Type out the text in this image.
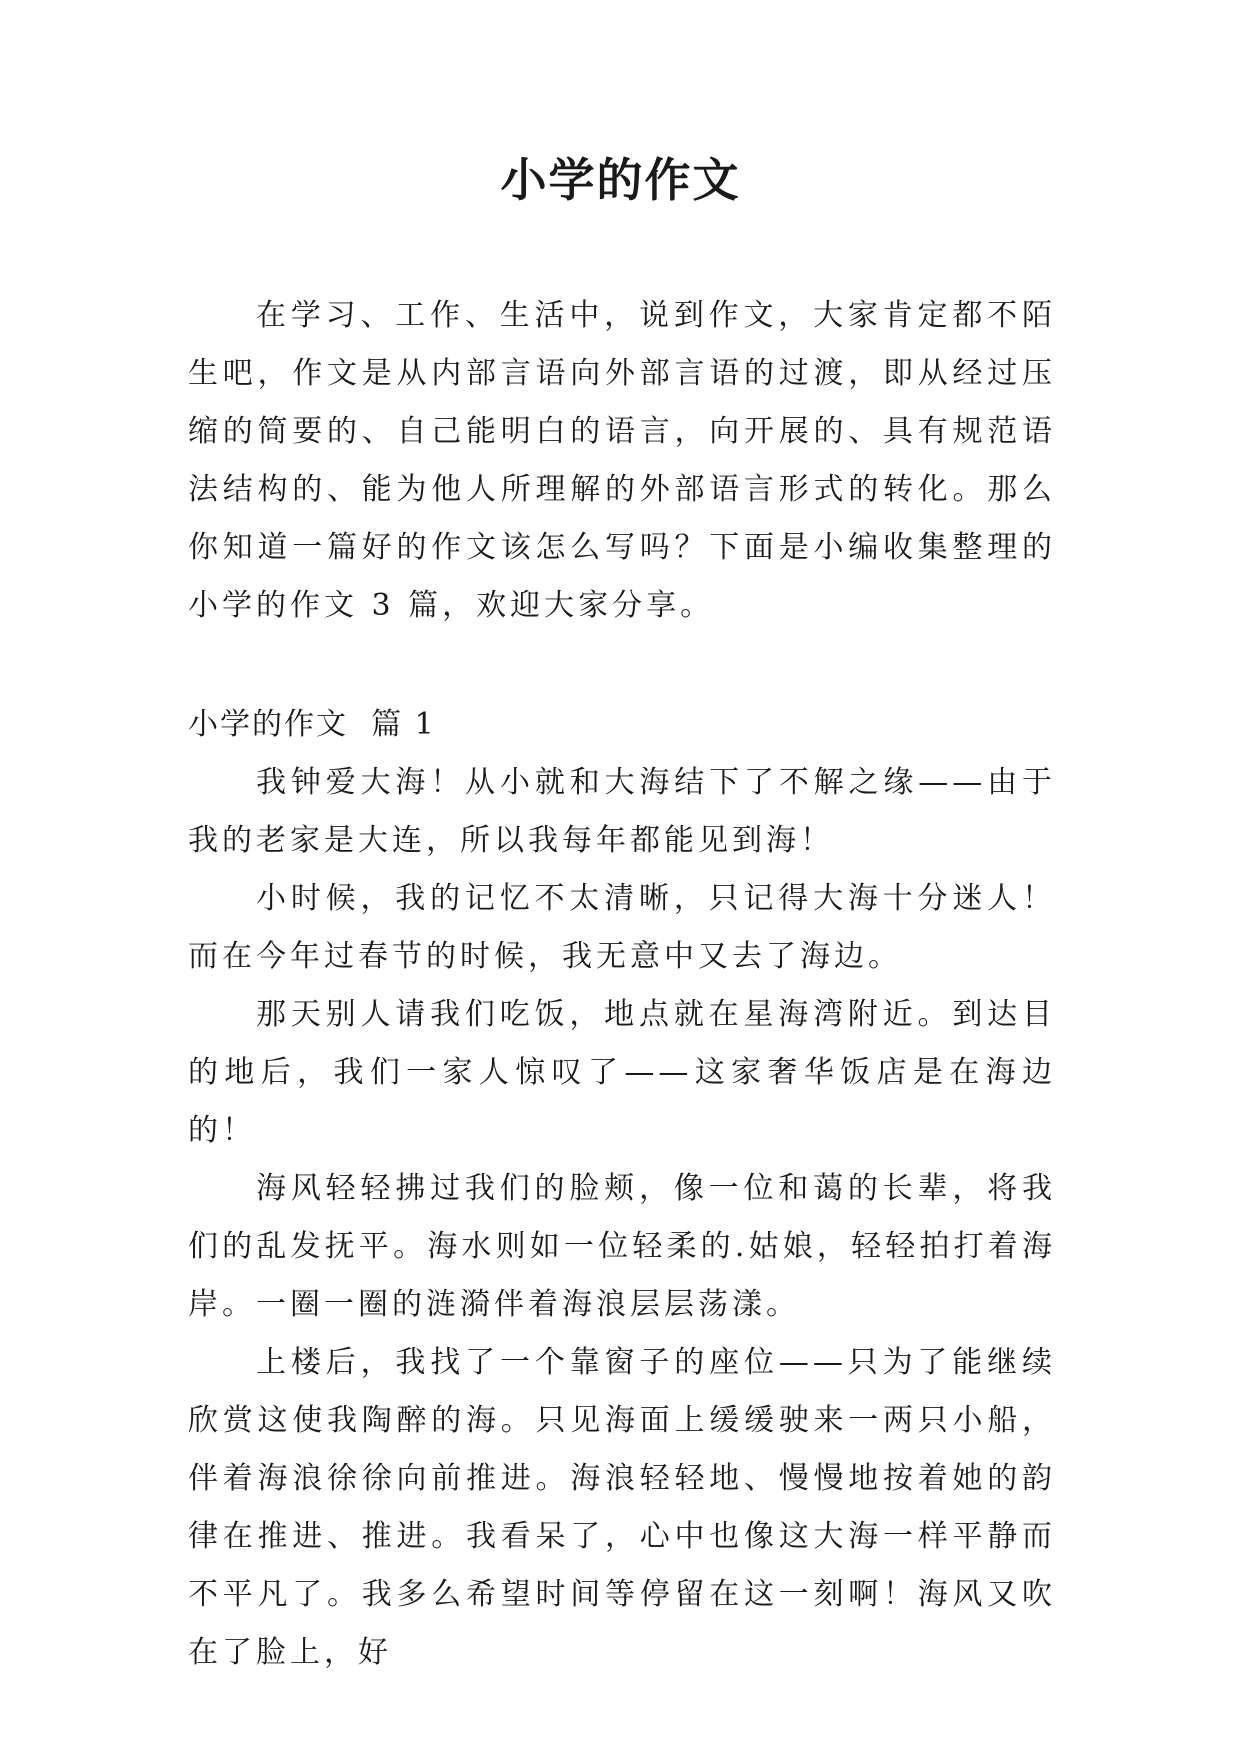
小学的作文

在学习、工作、生活中，说到作文，大家肯定都不陌生吧，作文是从内部言语向外部言语的过渡，即从经过压缩的简要的、自己能明白的语言，向开展的、具有规范语法结构的、能为他人所理解的外部语言形式的转化。那么你知道一篇好的作文该怎么写吗？下面是小编收集整理的小学的作文 3 篇，欢迎大家分享。

小学的作文  篇 1

我钟爱大海！从小就和大海结下了不解之缘——由于我的老家是大连，所以我每年都能见到海！

小时候，我的记忆不太清晰，只记得大海十分迷人！而在今年过春节的时候，我无意中又去了海边。

那天别人请我们吃饭，地点就在星海湾附近。到达目的地后，我们一家人惊叹了——这家奢华饭店是在海边的！

海风轻轻拂过我们的脸颊，像一位和蔼的长辈，将我们的乱发抚平。海水则如一位轻柔的.姑娘，轻轻拍打着海岸。一圈一圈的涟漪伴着海浪层层荡漾。

上楼后，我找了一个靠窗子的座位——只为了能继续欣赏这使我陶醉的海。只见海面上缓缓驶来一两只小船，伴着海浪徐徐向前推进。海浪轻轻地、慢慢地按着她的韵律在推进、推进。我看呆了，心中也像这大海一样平静而不平凡了。我多么希望时间等停留在这一刻啊！海风又吹在了脸上，好
